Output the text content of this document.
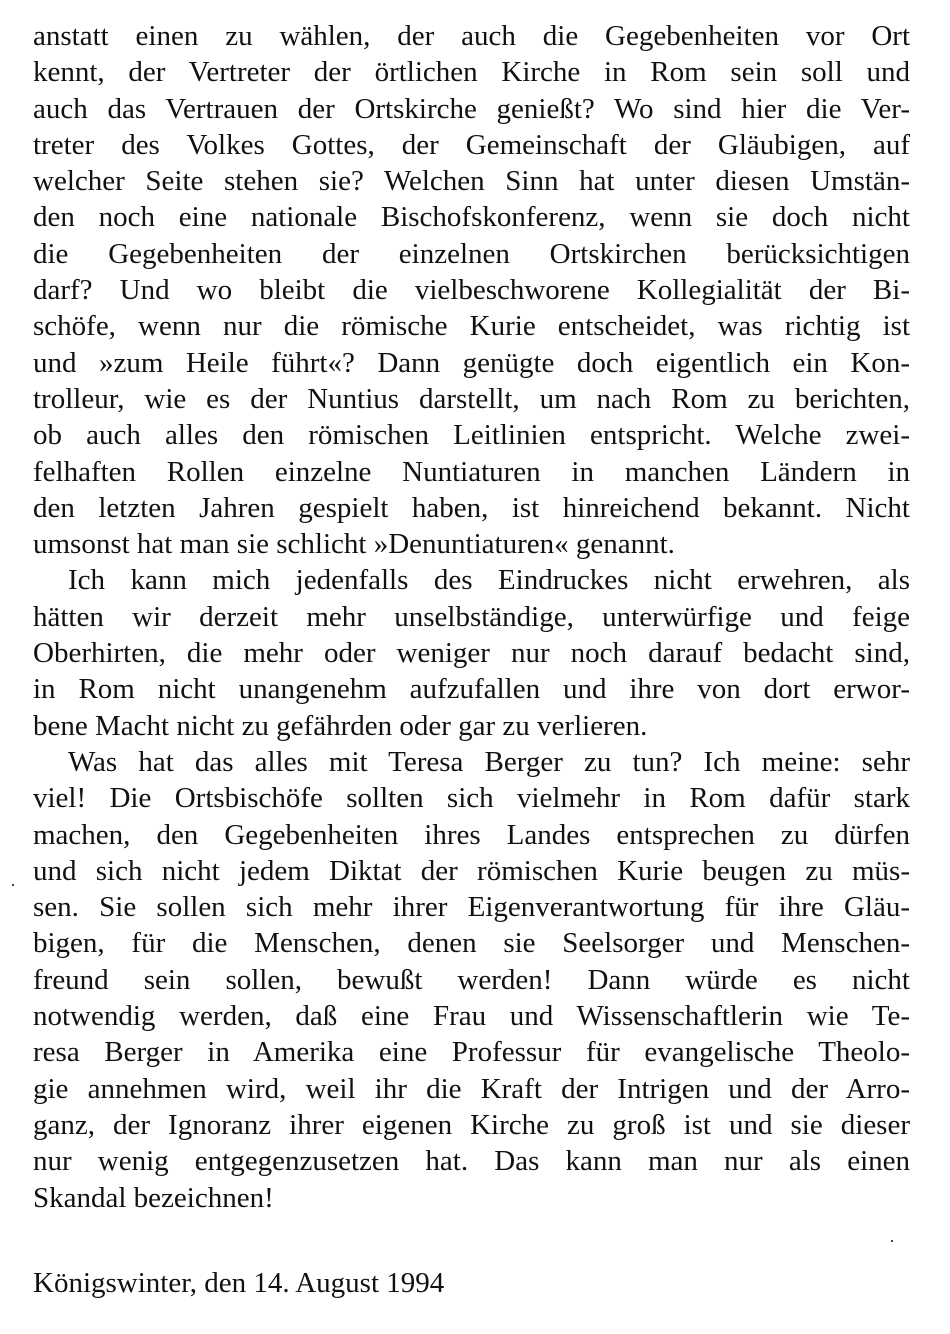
anstatt einen zu wählen, der auch die Gegebenheiten vor Ort
kennt, der Vertreter der örtlichen Kirche in Rom sein soll und
auch das Vertrauen der Ortskirche genießt? Wo sind hier die Ver-
treter des Volkes Gottes, der Gemeinschaft der Gläubigen, auf
welcher Seite stehen sie? Welchen Sinn hat unter diesen Umstän-
den noch eine nationale Bischofskonferenz, wenn sie doch nicht
die Gegebenheiten der einzelnen Ortskirchen berücksichtigen
darf? Und wo bleibt die vielbeschworene Kollegialität der Bi-
schöfe, wenn nur die römische Kurie entscheidet, was richtig ist
und »zum Heile führt«? Dann genügte doch eigentlich ein Kon-
trolleur, wie es der Nuntius darstellt, um nach Rom zu berichten,
ob auch alles den römischen Leitlinien entspricht. Welche zwei-
felhaften Rollen einzelne Nuntiaturen in manchen Ländern in
den letzten Jahren gespielt haben, ist hinreichend bekannt. Nicht
umsonst hat man sie schlicht »Denuntiaturen« genannt.
Ich kann mich jedenfalls des Eindruckes nicht erwehren, als
hätten wir derzeit mehr unselbständige, unterwürfige und feige
Oberhirten, die mehr oder weniger nur noch darauf bedacht sind,
in Rom nicht unangenehm aufzufallen und ihre von dort erwor-
bene Macht nicht zu gefährden oder gar zu verlieren.
Was hat das alles mit Teresa Berger zu tun? Ich meine: sehr
viel! Die Ortsbischöfe sollten sich vielmehr in Rom dafür stark
machen, den Gegebenheiten ihres Landes entsprechen zu dürfen
und sich nicht jedem Diktat der römischen Kurie beugen zu müs-
sen. Sie sollen sich mehr ihrer Eigenverantwortung für ihre Gläu-
bigen, für die Menschen, denen sie Seelsorger und Menschen-
freund sein sollen, bewußt werden! Dann würde es nicht
notwendig werden, daß eine Frau und Wissenschaftlerin wie Te-
resa Berger in Amerika eine Professur für evangelische Theolo-
gie annehmen wird, weil ihr die Kraft der Intrigen und der Arro-
ganz, der Ignoranz ihrer eigenen Kirche zu groß ist und sie dieser
nur wenig entgegenzusetzen hat. Das kann man nur als einen
Skandal bezeichnen!
Königswinter, den 14. August 1994
